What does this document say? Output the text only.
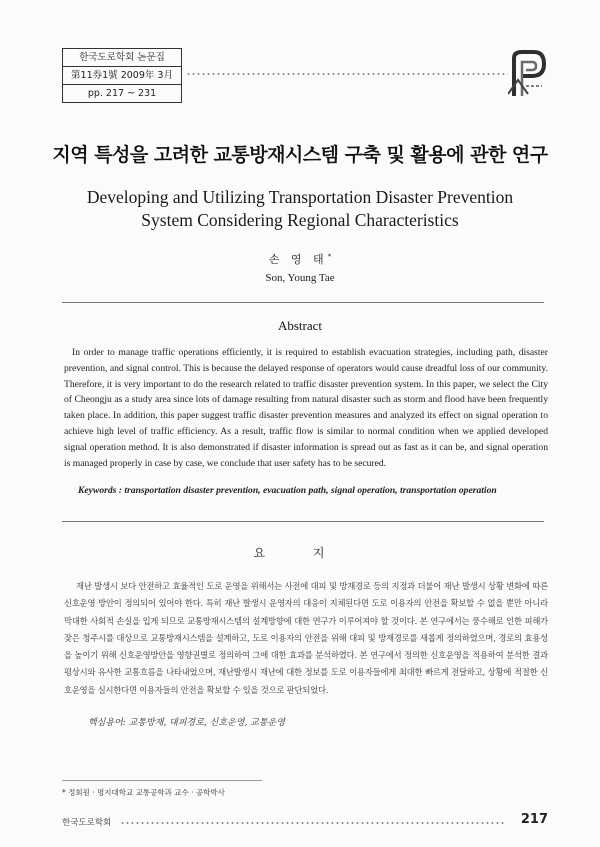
한국도로학회 논문집
第11券1號 2009年 3月
pp. 217 ~ 231
지역 특성을 고려한 교통방재시스템 구축 및 활용에 관한 연구
Developing and Utilizing Transportation Disaster Prevention System Considering Regional Characteristics
손 영 태*
Son, Young Tae
Abstract
In order to manage traffic operations efficiently, it is required to establish evacuation strategies, including path, disaster prevention, and signal control. This is because the delayed response of operators would cause dreadful loss of our community. Therefore, it is very important to do the research related to traffic disaster prevention system. In this paper, we select the City of Cheongju as a study area since lots of damage resulting from natural disaster such as storm and flood have been frequently taken place. In addition, this paper suggest traffic disaster prevention measures and analyzed its effect on signal operation to achieve high level of traffic efficiency. As a result, traffic flow is similar to normal condition when we applied developed signal operation method. It is also demonstrated if disaster information is spread out as fast as it can be, and signal operation is managed properly in case by case, we conclude that user safety has to be secured.
Keywords : transportation disaster prevention, evacuation path, signal operation, transportation operation
요 지
재난 발생시 보다 안전하고 효율적인 도로 운영을 위해서는 사전에 대피 및 방재경로 등의 지정과 더불어 재난 발생시 상황 변화에 따른 신호운영 방안이 정의되어 있어야 한다. 특히 재난 발생시 운영자의 대응이 지체된다면 도로 이용자의 안전을 확보할 수 없을 뿐만 아니라 막대한 사회적 손실을 입게 되므로 교통방재시스템의 설계방향에 대한 연구가 이루어져야 할 것이다. 본 연구에서는 풍수해로 인한 피해가 잦은 청주시를 대상으로 교통방재시스템을 설계하고, 도로 이용자의 안전을 위해 대피 및 방재경로를 새롭게 정의하였으며, 경로의 효용성을 높이기 위해 신호운영방안을 영향권별로 정의하여 그에 대한 효과를 분석하였다. 본 연구에서 정의한 신호운영을 적용하여 분석한 결과 평상시와 유사한 교통흐름을 나타내었으며, 재난발생시 재난에 대한 정보를 도로 이용자들에게 최대한 빠르게 전달하고, 상황에 적절한 신호운영을 실시한다면 이용자들의 안전을 확보할 수 있을 것으로 판단되었다.
핵심용어: 교통방재, 대피경로, 신호운영, 교통운영
* 정회원 · 명지대학교 교통공학과 교수 · 공학박사
한국도로학회	217
